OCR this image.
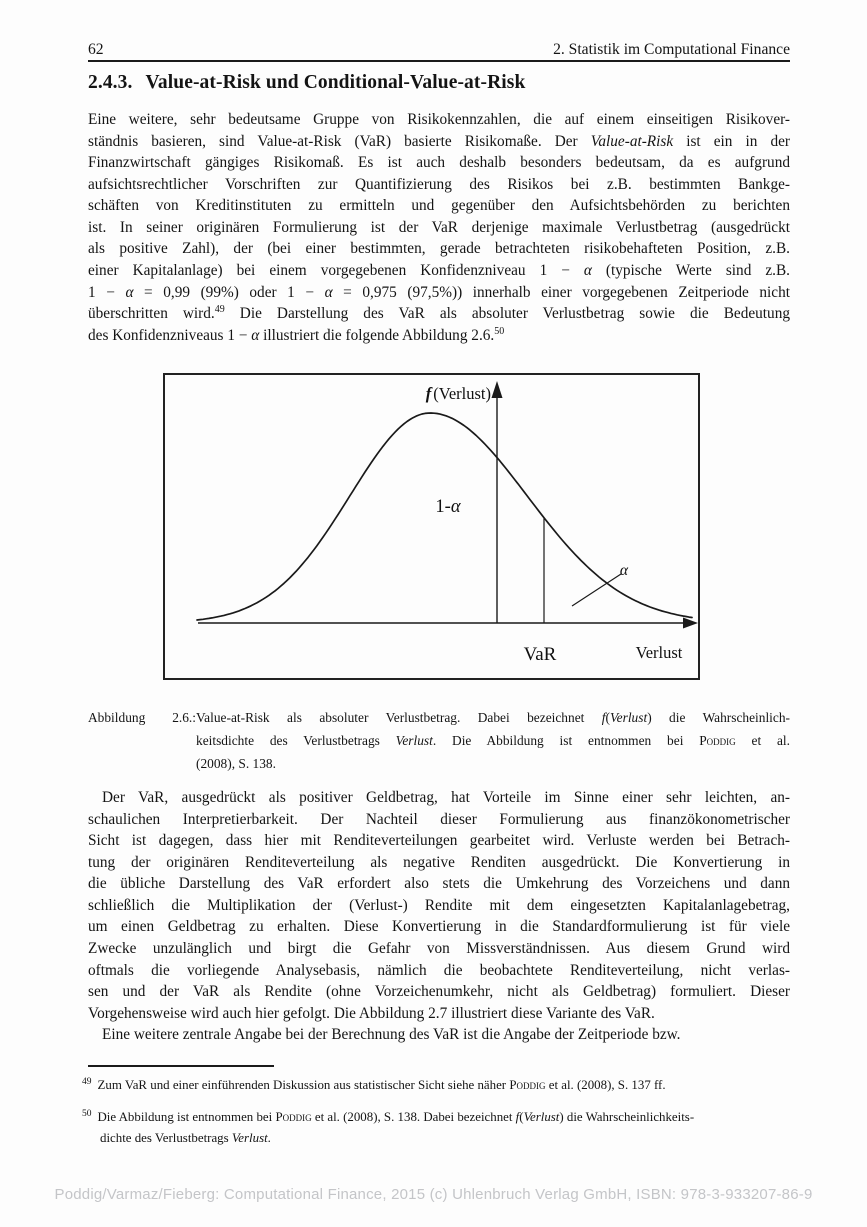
62	2. Statistik im Computational Finance
2.4.3. Value-at-Risk und Conditional-Value-at-Risk
Eine weitere, sehr bedeutsame Gruppe von Risikokennzahlen, die auf einem einseitigen Risikover-
ständnis basieren, sind Value-at-Risk (VaR) basierte Risikomaße. Der Value-at-Risk ist ein in der
Finanzwirtschaft gängiges Risikomaß. Es ist auch deshalb besonders bedeutsam, da es aufgrund
aufsichtsrechtlicher Vorschriften zur Quantifizierung des Risikos bei z.B. bestimmten Bankge-
schäften von Kreditinstituten zu ermitteln und gegenüber den Aufsichtsbehörden zu berichten
ist. In seiner originären Formulierung ist der VaR derjenige maximale Verlustbetrag (ausgedrückt
als positive Zahl), der (bei einer bestimmten, gerade betrachteten risikobehafteten Position, z.B.
einer Kapitalanlage) bei einem vorgegebenen Konfidenzniveau 1 − α (typische Werte sind z.B.
1 − α = 0,99 (99%) oder 1 − α = 0,975 (97,5%)) innerhalb einer vorgegebenen Zeitperiode nicht
überschritten wird.$^{49}$ Die Darstellung des VaR als absoluter Verlustbetrag sowie die Bedeutung
des Konfidenzniveaus 1 − α illustriert die folgende Abbildung 2.6.50
f (Verlust)
1-α
α
VaR	Verlust
Abbildung 2.6.:Value-at-Risk als absoluter Verlustbetrag. Dabei bezeichnet f(Verlust) die Wahrscheinlich-
keitsdichte des Verlustbetrags Verlust. Die Abbildung ist entnommen bei Poddig et al.
(2008), S. 138.
Der VaR, ausgedrückt als positiver Geldbetrag, hat Vorteile im Sinne einer sehr leichten, an-
schaulichen Interpretierbarkeit. Der Nachteil dieser Formulierung aus finanzökonometrischer
Sicht ist dagegen, dass hier mit Renditeverteilungen gearbeitet wird. Verluste werden bei Betrach-
tung der originären Renditeverteilung als negative Renditen ausgedrückt. Die Konvertierung in
die übliche Darstellung des VaR erfordert also stets die Umkehrung des Vorzeichens und dann
schließlich die Multiplikation der (Verlust-) Rendite mit dem eingesetzten Kapitalanlagebetrag,
um einen Geldbetrag zu erhalten. Diese Konvertierung in die Standardformulierung ist für viele
Zwecke unzulänglich und birgt die Gefahr von Missverständnissen. Aus diesem Grund wird
oftmals die vorliegende Analysebasis, nämlich die beobachtete Renditeverteilung, nicht verlas-
sen und der VaR als Rendite (ohne Vorzeichenumkehr, nicht als Geldbetrag) formuliert. Dieser
Vorgehensweise wird auch hier gefolgt. Die Abbildung 2.7 illustriert diese Variante des VaR.
Eine weitere zentrale Angabe bei der Berechnung des VaR ist die Angabe der Zeitperiode bzw.
$^{49}$ Zum VaR und einer einführenden Diskussion aus statistischer Sicht siehe näher Poddig et al. (2008), S. 137 ff.
$^{50}$ Die Abbildung ist entnommen bei Poddig et al. (2008), S. 138. Dabei bezeichnet f(Verlust) die Wahrscheinlichkeits-
dichte des Verlustbetrags Verlust.
Poddig/Varmaz/Fieberg: Computational Finance, 2015 (c) Uhlenbruch Verlag GmbH, ISBN: 978-3-933207-86-9
